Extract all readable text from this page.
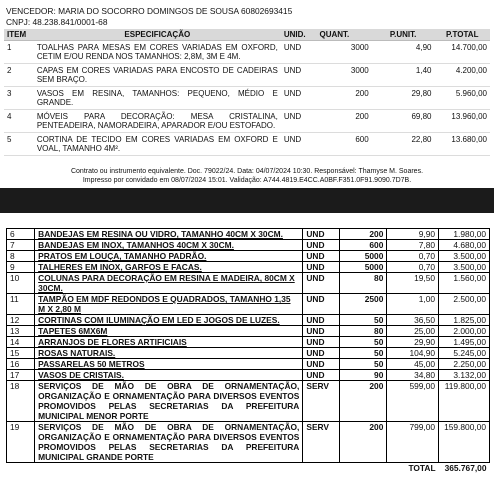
VENCEDOR: MARIA DO SOCORRO DOMINGOS DE SOUSA 60802693415
CNPJ: 48.238.841/0001-68
ITEM	ESPECIFICAÇÃO	UNID.	QUANT.	P.UNIT.	P.TOTAL
1	TOALHAS PARA MESAS EM CORES VARIADAS EM OXFORD, CETIM E/OU RENDA NOS TAMANHOS: 2,8M, 3M E 4M.	UND	3000	4,90	14.700,00
2	CAPAS EM CORES VARIADAS PARA ENCOSTO DE CADEIRAS SEM BRAÇO.	UND	3000	1,40	4.200,00
3	VASOS EM RESINA, TAMANHOS: PEQUENO, MÉDIO E GRANDE.	UND	200	29,80	5.960,00
4	MÓVEIS PARA DECORAÇÃO: MESA CRISTALINA, PENTEADEIRA, NAMORADEIRA, APARADOR E/OU ESTOFADO.	UND	200	69,80	13.960,00
5	CORTINA DE TECIDO EM CORES VARIADAS EM OXFORD E VOAL, TAMANHO 4M².	UND	600	22,80	13.680,00
Contrato ou instrumento equivalente. Doc. 79022/24. Data: 04/07/2024 10:30. Responsável: Thamyse M. Soares.
Impresso por convidado em 08/07/2024 15:01. Validação: A744.4819.E4CC.A0BF.F351.0F91.9090.7D7B.
6	BANDEJAS EM RESINA OU VIDRO, TAMANHO 40CM X 30CM.	UND	200	9,90	1.980,00
7	BANDEJAS EM INOX, TAMANHOS 40CM X 30CM.	UND	600	7,80	4.680,00
8	PRATOS EM LOUÇA, TAMANHO PADRÃO.	UND	5000	0,70	3.500,00
9	TALHERES EM INOX, GARFOS E FACAS.	UND	5000	0,70	3.500,00
10	COLUNAS PARA DECORAÇÃO EM RESINA E MADEIRA, 80CM X 30CM.	UND	80	19,50	1.560,00
11	TAMPÃO EM MDF REDONDOS E QUADRADOS, TAMANHO 1,35 M X 2,80 M	UND	2500	1,00	2.500,00
12	CORTINAS COM ILUMINAÇÃO EM LED E JOGOS DE LUZES.	UND	50	36,50	1.825,00
13	TAPETES 6MX6M	UND	80	25,00	2.000,00
14	ARRANJOS DE FLORES ARTIFICIAIS	UND	50	29,90	1.495,00
15	ROSAS NATURAIS.	UND	50	104,90	5.245,00
16	PASSARELAS 50 METROS	UND	50	45,00	2.250,00
17	VASOS DE CRISTAIS.	UND	90	34,80	3.132,00
18	SERVIÇOS DE MÃO DE OBRA DE ORNAMENTAÇÃO, ORGANIZAÇÃO E ORNAMENTAÇÃO PARA DIVERSOS EVENTOS PROMOVIDOS PELAS SECRETARIAS DA PREFEITURA MUNICIPAL MENOR PORTE	SERV	200	599,00	119.800,00
19	SERVIÇOS DE MÃO DE OBRA DE ORNAMENTAÇÃO, ORGANIZAÇÃO E ORNAMENTAÇÃO PARA DIVERSOS EVENTOS PROMOVIDOS PELAS SECRETARIAS DA PREFEITURA MUNICIPAL GRANDE PORTE	SERV	200	799,00	159.800,00
				TOTAL	365.767,00
